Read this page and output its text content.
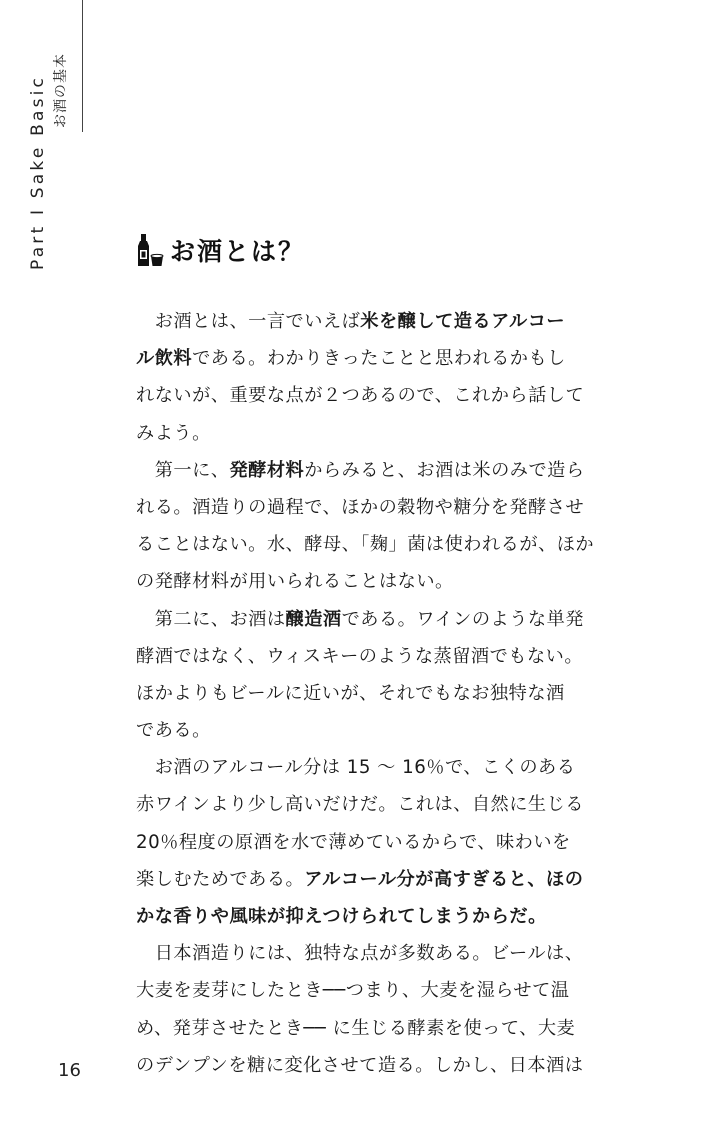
Part Ⅰ Sake Basic お酒の基本
お酒とは？
　お酒とは、一言でいえば米を醸して造るアルコー
ル飲料である。わかりきったことと思われるかもし
れないが、重要な点が２つあるので、これから話して
みよう。
　第一に、発酵材料からみると、お酒は米のみで造ら
れる。酒造りの過程で、ほかの穀物や糖分を発酵させ
ることはない。水、酵母、「麹」菌は使われるが、ほか
の発酵材料が用いられることはない。
　第二に、お酒は醸造酒である。ワインのような単発
酵酒ではなく、ウィスキーのような蒸留酒でもない。
ほかよりもビールに近いが、それでもなお独特な酒
である。
　お酒のアルコール分は 15 ～ 16％で、こくのある
赤ワインより少し高いだけだ。これは、自然に生じる
20％程度の原酒を水で薄めているからで、味わいを
楽しむためである。アルコール分が高すぎると、ほの
かな香りや風味が抑えつけられてしまうからだ。
　日本酒造りには、独特な点が多数ある。ビールは、
大麦を麦芽にしたとき──つまり、大麦を湿らせて温
め、発芽させたとき── に生じる酵素を使って、大麦
のデンプンを糖に変化させて造る。しかし、日本酒は
16
